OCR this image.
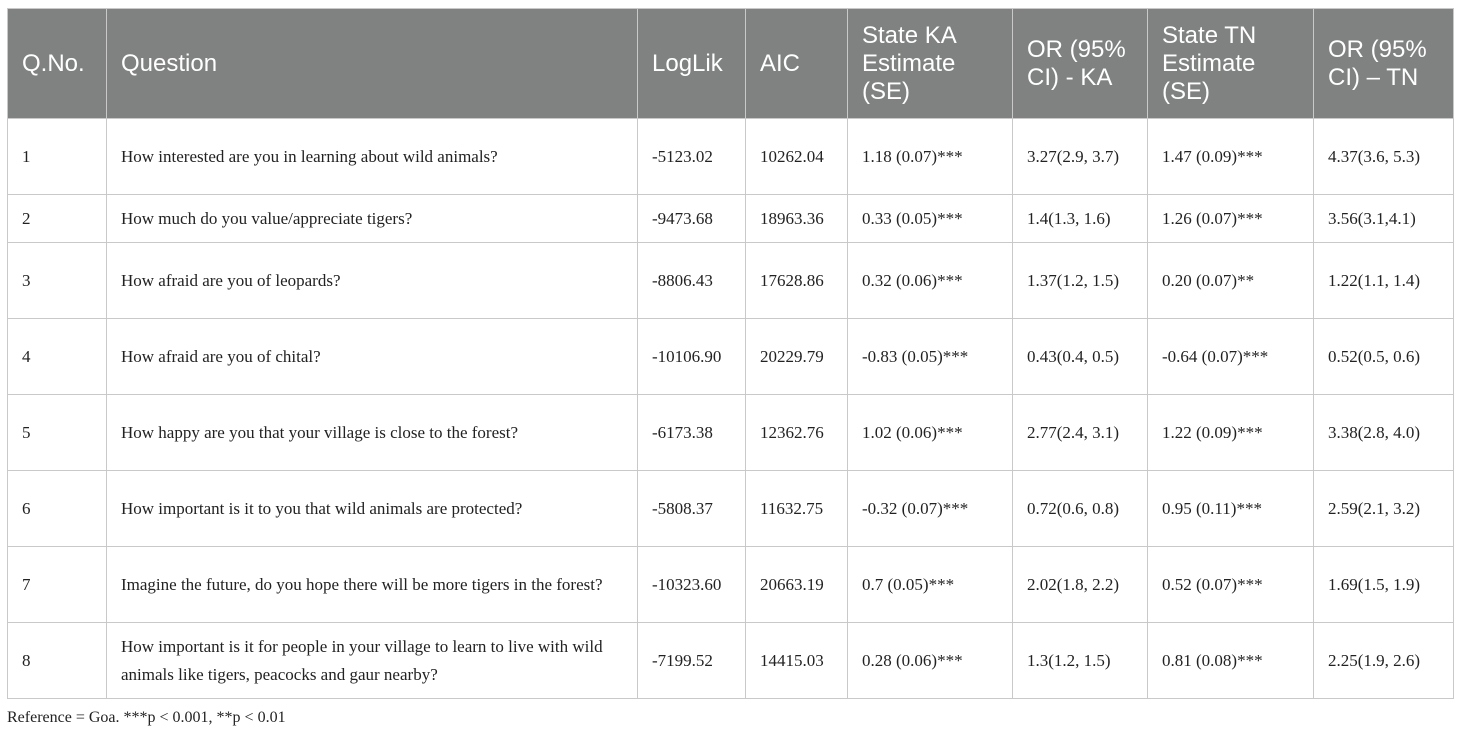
Q.No.	Question	LogLik	AIC	State KA Estimate (SE)	OR (95% CI) - KA	State TN Estimate (SE)	OR (95% CI) – TN
1	How interested are you in learning about wild animals?	-5123.02	10262.04	1.18 (0.07)***	3.27(2.9, 3.7)	1.47 (0.09)***	4.37(3.6, 5.3)
2	How much do you value/appreciate tigers?	-9473.68	18963.36	0.33 (0.05)***	1.4(1.3, 1.6)	1.26 (0.07)***	3.56(3.1,4.1)
3	How afraid are you of leopards?	-8806.43	17628.86	0.32 (0.06)***	1.37(1.2, 1.5)	0.20 (0.07)**	1.22(1.1, 1.4)
4	How afraid are you of chital?	-10106.90	20229.79	-0.83 (0.05)***	0.43(0.4, 0.5)	-0.64 (0.07)***	0.52(0.5, 0.6)
5	How happy are you that your village is close to the forest?	-6173.38	12362.76	1.02 (0.06)***	2.77(2.4, 3.1)	1.22 (0.09)***	3.38(2.8, 4.0)
6	How important is it to you that wild animals are protected?	-5808.37	11632.75	-0.32 (0.07)***	0.72(0.6, 0.8)	0.95 (0.11)***	2.59(2.1, 3.2)
7	Imagine the future, do you hope there will be more tigers in the forest?	-10323.60	20663.19	0.7 (0.05)***	2.02(1.8, 2.2)	0.52 (0.07)***	1.69(1.5, 1.9)
8	How important is it for people in your village to learn to live with wild animals like tigers, peacocks and gaur nearby?	-7199.52	14415.03	0.28 (0.06)***	1.3(1.2, 1.5)	0.81 (0.08)***	2.25(1.9, 2.6)
Reference = Goa. ***p < 0.001, **p < 0.01
